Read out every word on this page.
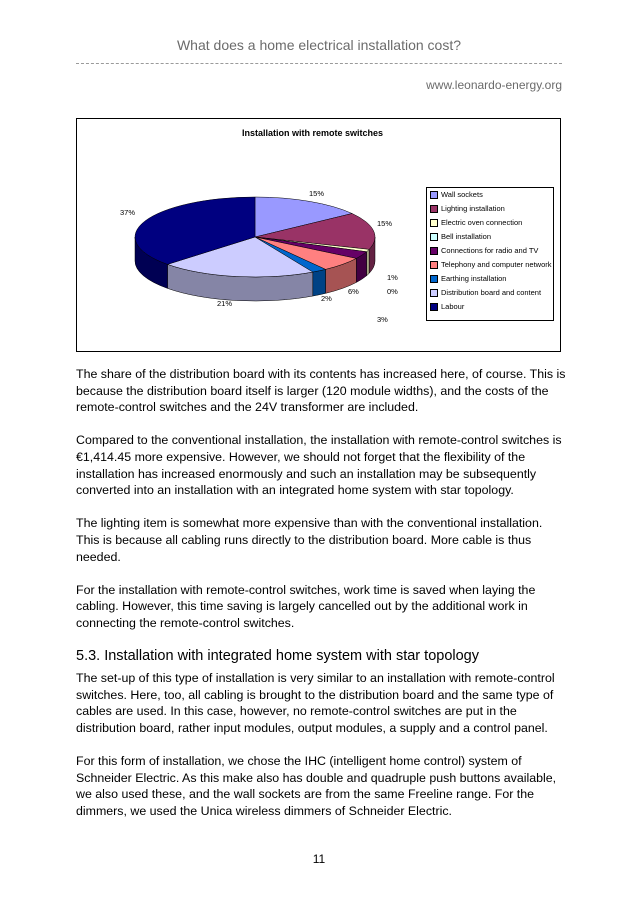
What does a home electrical installation cost?
www.leonardo-energy.org
Installation with remote switches
15%
15%
1%
0%
3%
6%
2%
21%
37%
Wall sockets
Lighting installation
Electric oven connection
Bell installation
Connections for radio and TV
Telephony and computer network
Earthing installation
Distribution board and content
Labour

The share of the distribution board with its contents has increased here, of course. This is because the distribution board itself is larger (120 module widths), and the costs of the remote-control switches and the 24V transformer are included.

Compared to the conventional installation, the installation with remote-control switches is €1,414.45 more expensive. However, we should not forget that the flexibility of the installation has increased enormously and such an installation may be subsequently converted into an installation with an integrated home system with star topology.

The lighting item is somewhat more expensive than with the conventional installation. This is because all cabling runs directly to the distribution board. More cable is thus needed.

For the installation with remote-control switches, work time is saved when laying the cabling. However, this time saving is largely cancelled out by the additional work in connecting the remote-control switches.

5.3. Installation with integrated home system with star topology

The set-up of this type of installation is very similar to an installation with remote-control switches. Here, too, all cabling is brought to the distribution board and the same type of cables are used. In this case, however, no remote-control switches are put in the distribution board, rather input modules, output modules, a supply and a control panel.

For this form of installation, we chose the IHC (intelligent home control) system of Schneider Electric. As this make also has double and quadruple push buttons available, we also used these, and the wall sockets are from the same Freeline range. For the dimmers, we used the Unica wireless dimmers of Schneider Electric.

11
